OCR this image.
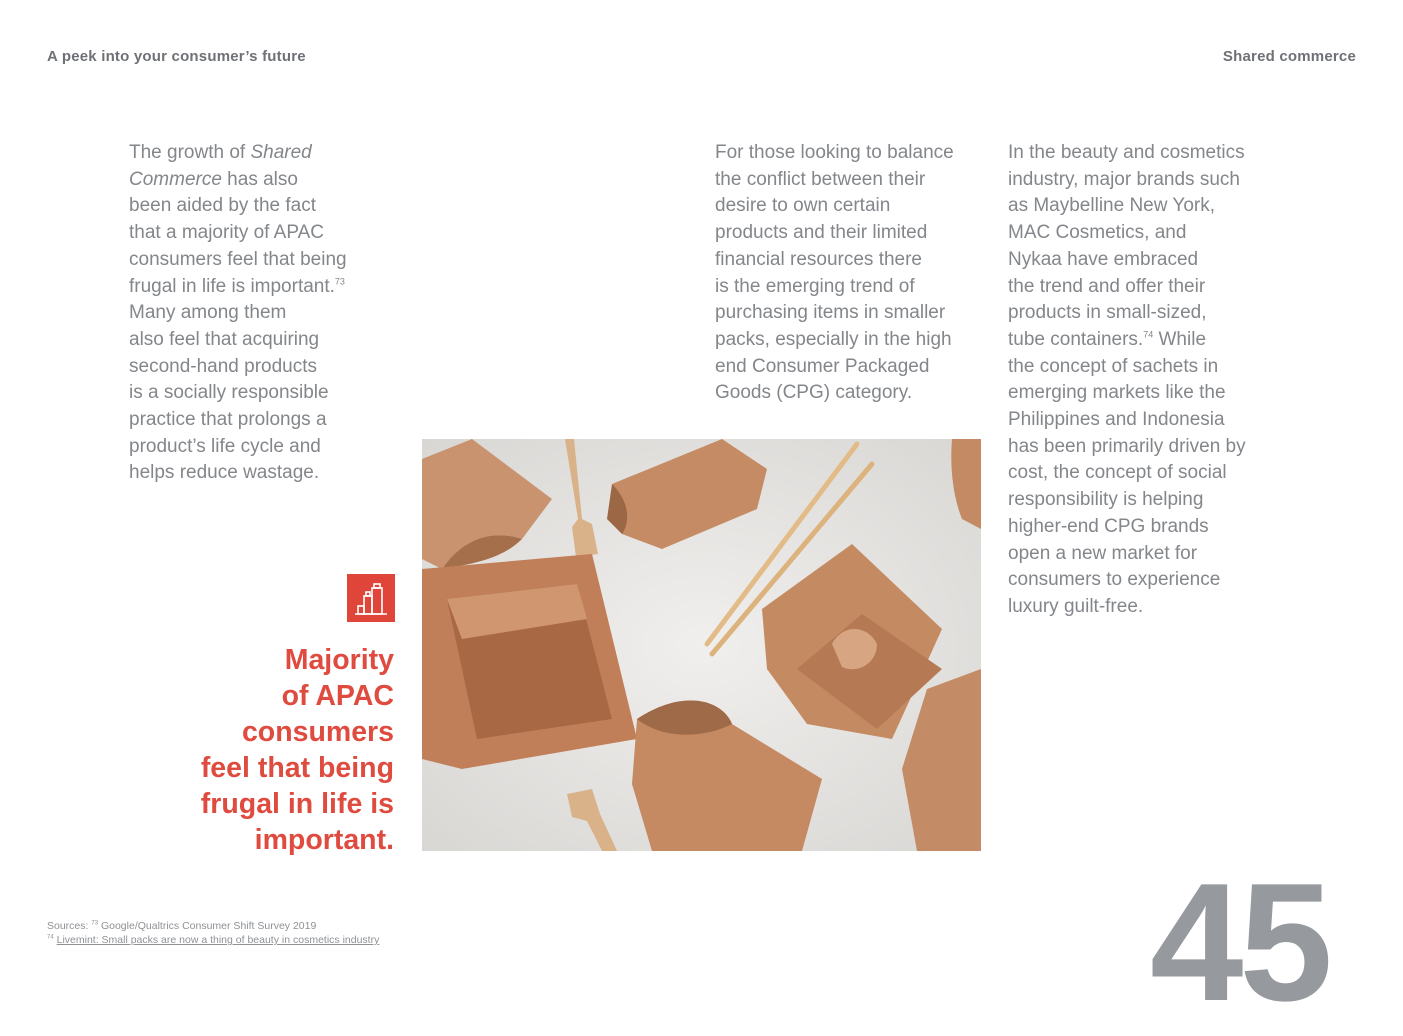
A peek into your consumer’s future	Shared commerce

The growth of Shared
Commerce has also
been aided by the fact
that a majority of APAC
consumers feel that being
frugal in life is important.$^{73}$
Many among them
also feel that acquiring
second-hand products
is a socially responsible
practice that prolongs a
product’s life cycle and
helps reduce wastage.

For those looking to balance
the conflict between their
desire to own certain
products and their limited
financial resources there
is the emerging trend of
purchasing items in smaller
packs, especially in the high
end Consumer Packaged
Goods (CPG) category.

In the beauty and cosmetics
industry, major brands such
as Maybelline New York,
MAC Cosmetics, and
Nykaa have embraced
the trend and offer their
products in small-sized,
tube containers.$^{74}$ While
the concept of sachets in
emerging markets like the
Philippines and Indonesia
has been primarily driven by
cost, the concept of social
responsibility is helping
higher-end CPG brands
open a new market for
consumers to experience
luxury guilt-free.

Majority
of APAC
consumers
feel that being
frugal in life is
important.

Sources: $^{73}$ Google/Qualtrics Consumer Shift Survey 2019
$^{74}$ Livemint: Small packs are now a thing of beauty in cosmetics industry	45
